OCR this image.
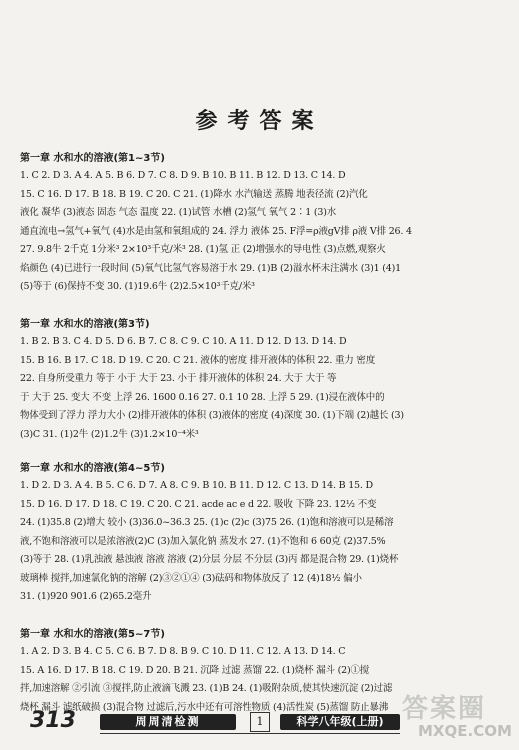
参考答案
第一章 水和水的溶液(第1~3节)
1. C 2. D 3. A 4. A 5. B 6. D 7. C 8. D 9. B 10. B 11. B 12. D 13. C 14. D
15. C 16. D 17. B 18. B 19. C 20. C 21. (1)降水 水汽输送 蒸腾 地表径流 (2)汽化
液化 凝华 (3)液态 固态 气态 温度 22. (1)试管 水槽 (2)氢气 氧气 2∶1 (3)水
通直流电→氢气+氧气 (4)水是由氢和氧组成的 24. 浮力 液体 25. F浮=ρ液gV排 ρ液 V排 26. 4
27. 9.8牛 2千克 1分米³ 2×10³千克/米³ 28. (1)氢 正 (2)增强水的导电性 (3)点燃,观察火
焰颜色 (4)已进行一段时间 (5)氧气比氢气容易溶于水 29. (1)B (2)溢水杯未注满水 (3)1 (4)1
(5)等于 (6)保持不变 30. (1)19.6牛 (2)2.5×10³千克/米³
第一章 水和水的溶液(第3节)
1. B 2. B 3. C 4. D 5. D 6. B 7. C 8. C 9. C 10. A 11. D 12. D 13. D 14. D
15. B 16. B 17. C 18. D 19. C 20. C 21. 液体的密度 排开液体的体积 22. 重力 密度
22. 自身所受重力 等于 小于 大于 23. 小于 排开液体的体积 24. 大于 大于 等
于 大于 25. 变大 不变 上浮 26. 1600 0.16 27. 0.1 10 28. 上浮 5 29. (1)浸在液体中的
物体受到了浮力 浮力大小 (2)排开液体的体积 (3)液体的密度 (4)深度 30. (1)下端 (2)越长 (3)
(3)C 31. (1)2牛 (2)1.2牛 (3)1.2×10⁻⁴米³
第一章 水和水的溶液(第4~5节)
1. D 2. D 3. A 4. B 5. C 6. D 7. A 8. C 9. B 10. B 11. D 12. C 13. D 14. B 15. D
15. D 16. D 17. D 18. C 19. C 20. C 21. acde ac e d 22. 吸收 下降 23. 12½ 不变
24. (1)35.8 (2)增大 较小 (3)36.0~36.3 25. (1)c (2)c (3)75 26. (1)饱和溶液可以是稀溶
液,不饱和溶液可以是浓溶液(2)C (3)加入氯化钠 蒸发水 27. (1)不饱和 6 60克 (2)37.5%
(3)等于 28. (1)乳浊液 悬浊液 溶液 溶液 (2)分层 分层 不分层 (3)丙 都是混合物 29. (1)烧杯
玻璃棒 搅拌,加速氯化钠的溶解 (2)③②①④ (3)砝码和物体放反了 12 (4)18½ 偏小
31. (1)920 901.6 (2)65.2毫升
第一章 水和水的溶液(第5~7节)
1. A 2. D 3. B 4. C 5. C 6. B 7. D 8. B 9. C 10. D 11. C 12. A 13. D 14. C
15. A 16. D 17. B 18. C 19. D 20. B 21. 沉降 过滤 蒸馏 22. (1)烧杯 漏斗 (2)①搅
拌,加速溶解 ②引流 ③搅拌,防止液滴飞溅 23. (1)B 24. (1)吸附杂质,使其快速沉淀 (2)过滤
烧杯 漏斗 滤纸破损 (3)混合物 过滤后,污水中还有可溶性物质 (4)活性炭 (5)蒸馏 防止暴沸
313	周周清检测	1	科学八年级(上册) 答案圈
MXQE.COM
